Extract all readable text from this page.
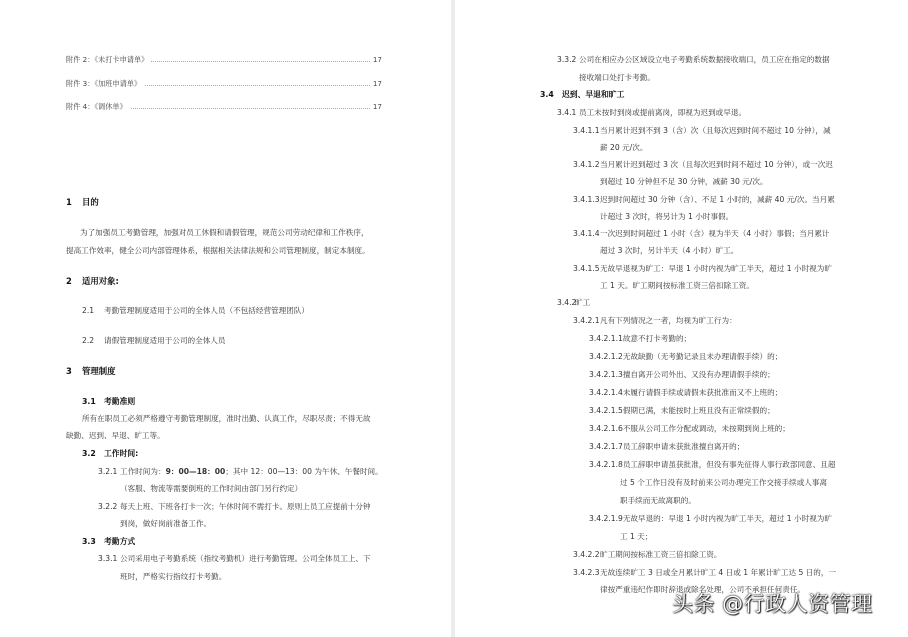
附件 2：《未打卡申请单》	17
附件 3：《加班申请单》	17
附件 4：《调休单》	17
1 目的
为了加强员工考勤管理，加强对员工休假和请假管理，规范公司劳动纪律和工作秩序，
提高工作效率，健全公司内部管理体系，根据相关法律法规和公司管理制度，制定本制度。
2 适用对象:
2.1 考勤管理制度适用于公司的全体人员（不包括经营管理团队）
2.2 请假管理制度适用于公司的全体人员
3 管理制度
3.1 考勤准则
所有在职员工必须严格遵守考勤管理制度，准时出勤、认真工作，尽职尽责；不得无故
缺勤、迟到、早退、旷工等。
3.2 工作时间:
3.2.1 工作时间为：9：00—18：00；其中 12：00—13：00 为午休、午餐时间。
（客服、物流等需要倒班的工作时间由部门另行约定）
3.2.2 每天上班、下班各打卡一次；午休时间不需打卡。原则上员工应提前十分钟
到岗，做好岗前准备工作。
3.3 考勤方式
3.3.1 公司采用电子考勤系统（指纹考勤机）进行考勤管理。公司全体员工上、下
班时，严格实行指纹打卡考勤。
3.3.2 公司在相应办公区域设立电子考勤系统数据接收端口，员工应在指定的数据
接收端口处打卡考勤。
3.4 迟到、早退和旷工
3.4.1 员工未按时到岗或提前离岗，即视为迟到或早退。
3.4.1.1当月累计迟到不到 3（含）次（且每次迟到时间不超过 10 分钟），减
薪 20 元/次。
3.4.1.2当月累计迟到超过 3 次（且每次迟到时间不超过 10 分钟），或一次迟
到超过 10 分钟但不足 30 分钟，减薪 30 元/次。
3.4.1.3迟到时间超过 30 分钟（含）、不足 1 小时的，减薪 40 元/次。当月累
计超过 3 次时，将另计为 1 小时事假。
3.4.1.4一次迟到时间超过 1 小时（含）视为半天（4 小时）事假；当月累计
超过 3 次时，另计半天（4 小时）旷工。
3.4.1.5无故早退视为旷工：早退 1 小时内视为旷工半天，超过 1 小时视为旷
工 1 天。旷工期间按标准工资三倍扣除工资。
3.4.2旷工
3.4.2.1凡有下列情况之一者，均视为旷工行为：
3.4.2.1.1故意不打卡考勤的；
3.4.2.1.2无故缺勤（无考勤记录且未办理请假手续）的；
3.4.2.1.3擅自离开公司外出、又没有办理请假手续的；
3.4.2.1.4未履行请假手续或请假未获批准而又不上班的；
3.4.2.1.5假期已满，未能按时上班且没有正常续假的；
3.4.2.1.6不服从公司工作分配或调动，未按期到岗上班的；
3.4.2.1.7员工辞职申请未获批准擅自离开的；
3.4.2.1.8员工辞职申请虽获批准，但没有事先征得人事行政部同意、且超
过 5 个工作日没有及时前来公司办理完工作交接手续或人事离
职手续而无故离职的。
3.4.2.1.9无故早退的：早退 1 小时内视为旷工半天，超过 1 小时视为旷
工 1 天；
3.4.2.2旷工期间按标准工资三倍扣除工资。
3.4.2.3无故连续旷工 3 日或全月累计旷工 4 日或 1 年累计旷工达 5 日的，一
律按严重违纪作即时辞退或除名处理，公司不承担任何责任。
头条 @行政人资管理
